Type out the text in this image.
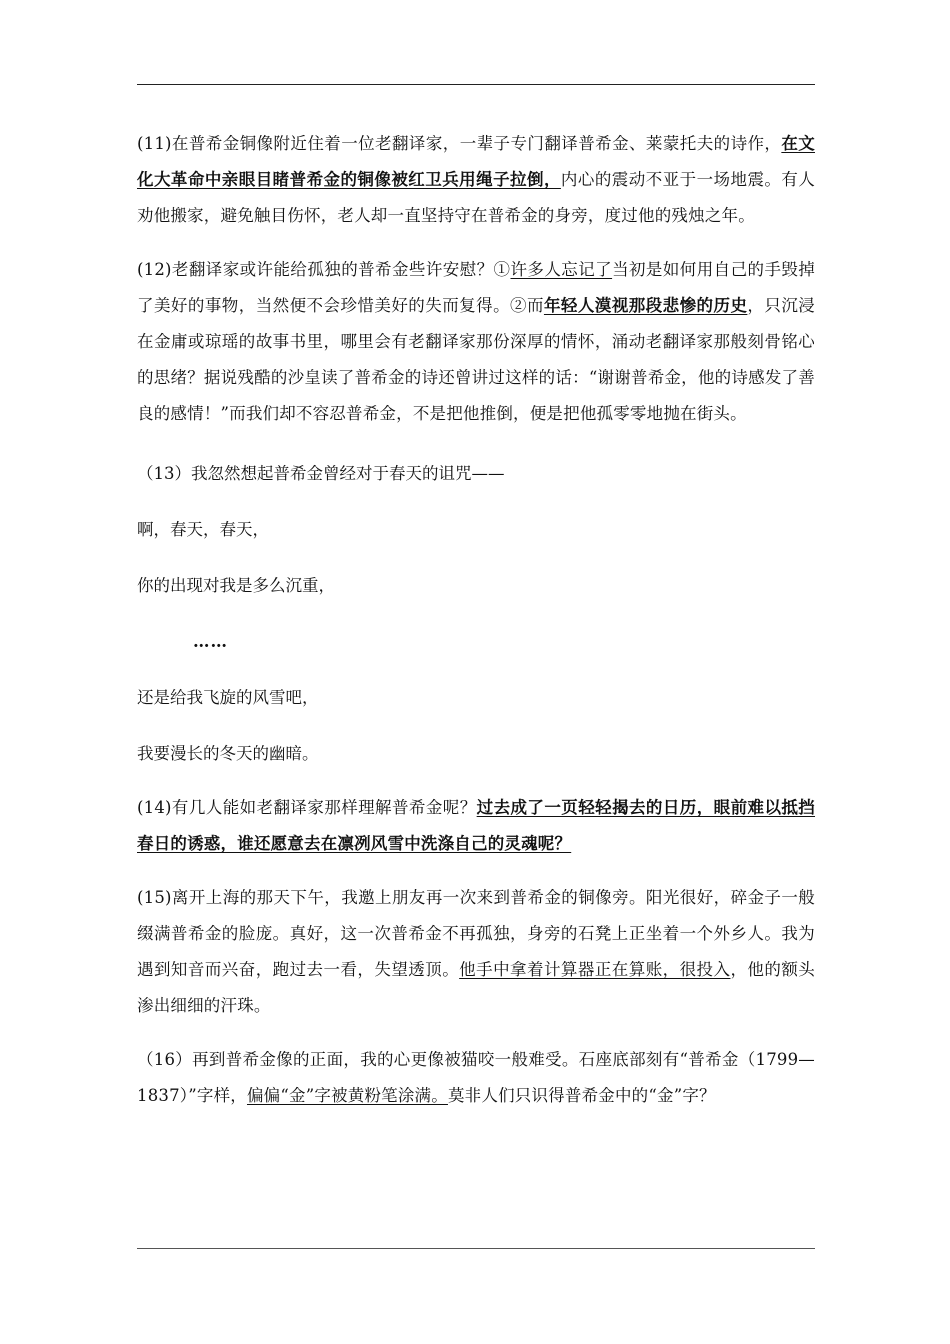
(11)在普希金铜像附近住着一位老翻译家，一辈子专门翻译普希金、莱蒙托夫的诗作，在文化大革命中亲眼目睹普希金的铜像被红卫兵用绳子拉倒，内心的震动不亚于一场地震。有人劝他搬家，避免触目伤怀，老人却一直坚持守在普希金的身旁，度过他的残烛之年。

(12)老翻译家或许能给孤独的普希金些许安慰？①许多人忘记了当初是如何用自己的手毁掉了美好的事物，当然便不会珍惜美好的失而复得。②而年轻人漠视那段悲惨的历史，只沉浸在金庸或琼瑶的故事书里，哪里会有老翻译家那份深厚的情怀，涌动老翻译家那般刻骨铭心的思绪？据说残酷的沙皇读了普希金的诗还曾讲过这样的话：“谢谢普希金，他的诗感发了善良的感情！”而我们却不容忍普希金，不是把他推倒，便是把他孤零零地抛在街头。

（13）我忽然想起普希金曾经对于春天的诅咒——

啊，春天，春天，

你的出现对我是多么沉重，

……

还是给我飞旋的风雪吧，

我要漫长的冬天的幽暗。

(14)有几人能如老翻译家那样理解普希金呢？过去成了一页轻轻揭去的日历，眼前难以抵挡春日的诱惑，谁还愿意去在凛冽风雪中洗涤自己的灵魂呢？

(15)离开上海的那天下午，我邀上朋友再一次来到普希金的铜像旁。阳光很好，碎金子一般缀满普希金的脸庞。真好，这一次普希金不再孤独，身旁的石凳上正坐着一个外乡人。我为遇到知音而兴奋，跑过去一看，失望透顶。他手中拿着计算器正在算账，很投入，他的额头渗出细细的汗珠。

（16）再到普希金像的正面，我的心更像被猫咬一般难受。石座底部刻有“普希金（1799—1837）”字样，偏偏“金”字被黄粉笔涂满。莫非人们只识得普希金中的“金”字？
